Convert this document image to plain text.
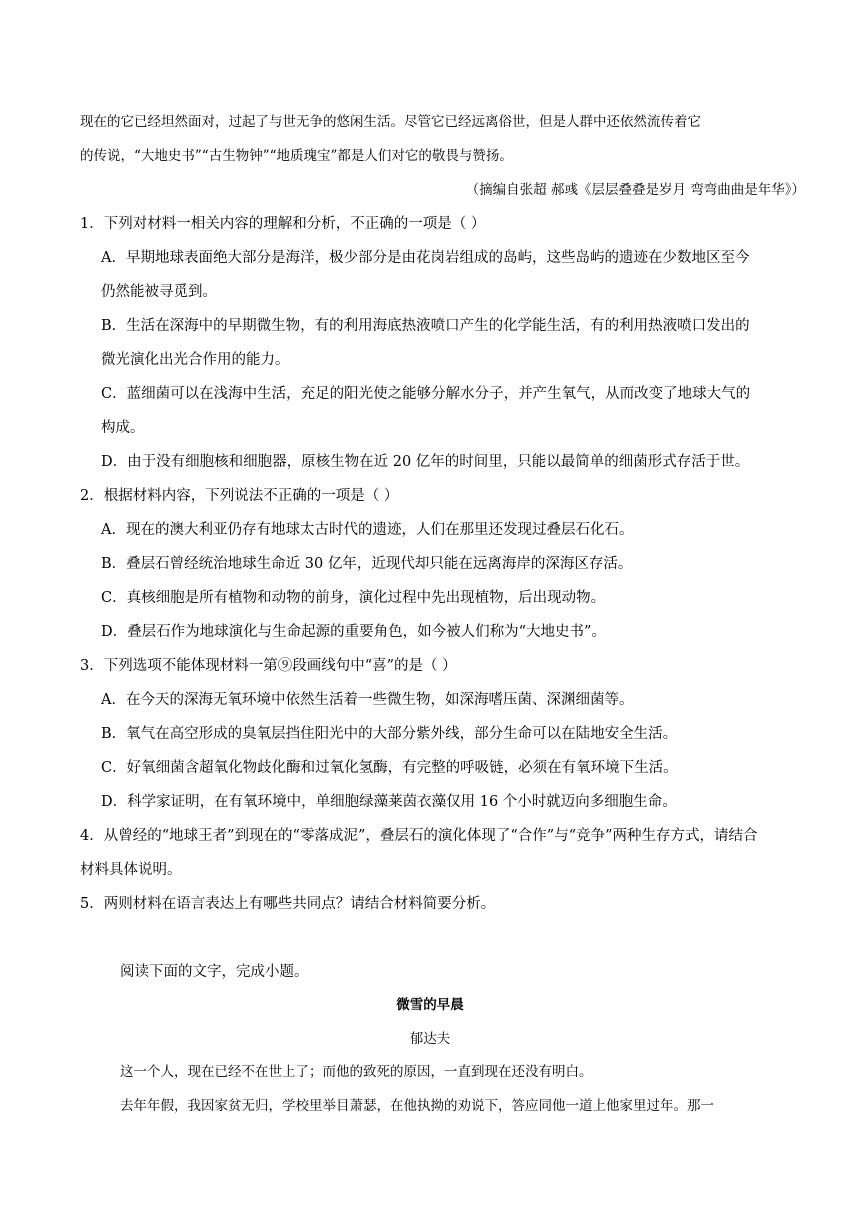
现在的它已经坦然面对，过起了与世无争的悠闲生活。尽管它已经远离俗世，但是人群中还依然流传着它
的传说，“大地史书”“古生物钟”“地质瑰宝”都是人们对它的敬畏与赞扬。
（摘编自张超 郝彧《层层叠叠是岁月 弯弯曲曲是年华》）
1．下列对材料一相关内容的理解和分析，不正确的一项是（ ）
A．早期地球表面绝大部分是海洋，极少部分是由花岗岩组成的岛屿，这些岛屿的遗迹在少数地区至今
仍然能被寻觅到。
B．生活在深海中的早期微生物，有的利用海底热液喷口产生的化学能生活，有的利用热液喷口发出的
微光演化出光合作用的能力。
C．蓝细菌可以在浅海中生活，充足的阳光使之能够分解水分子，并产生氧气，从而改变了地球大气的
构成。
D．由于没有细胞核和细胞器，原核生物在近 20 亿年的时间里，只能以最简单的细菌形式存活于世。
2．根据材料内容，下列说法不正确的一项是（ ）
A．现在的澳大利亚仍存有地球太古时代的遗迹，人们在那里还发现过叠层石化石。
B．叠层石曾经统治地球生命近 30 亿年，近现代却只能在远离海岸的深海区存活。
C．真核细胞是所有植物和动物的前身，演化过程中先出现植物，后出现动物。
D．叠层石作为地球演化与生命起源的重要角色，如今被人们称为“大地史书”。
3．下列选项不能体现材料一第⑨段画线句中“喜”的是（ ）
A．在今天的深海无氧环境中依然生活着一些微生物，如深海嗜压菌、深渊细菌等。
B．氧气在高空形成的臭氧层挡住阳光中的大部分紫外线，部分生命可以在陆地安全生活。
C．好氧细菌含超氧化物歧化酶和过氧化氢酶，有完整的呼吸链，必须在有氧环境下生活。
D．科学家证明，在有氧环境中，单细胞绿藻莱茵衣藻仅用 16 个小时就迈向多细胞生命。
4．从曾经的“地球王者”到现在的“零落成泥”，叠层石的演化体现了“合作”与“竞争”两种生存方式，请结合
材料具体说明。
5．两则材料在语言表达上有哪些共同点？请结合材料简要分析。
阅读下面的文字，完成小题。
微雪的早晨
郁达夫
这一个人，现在已经不在世上了；而他的致死的原因，一直到现在还没有明白。
去年年假，我因家贫无归，学校里举目萧瑟，在他执拗的劝说下，答应同他一道上他家里过年。那一
